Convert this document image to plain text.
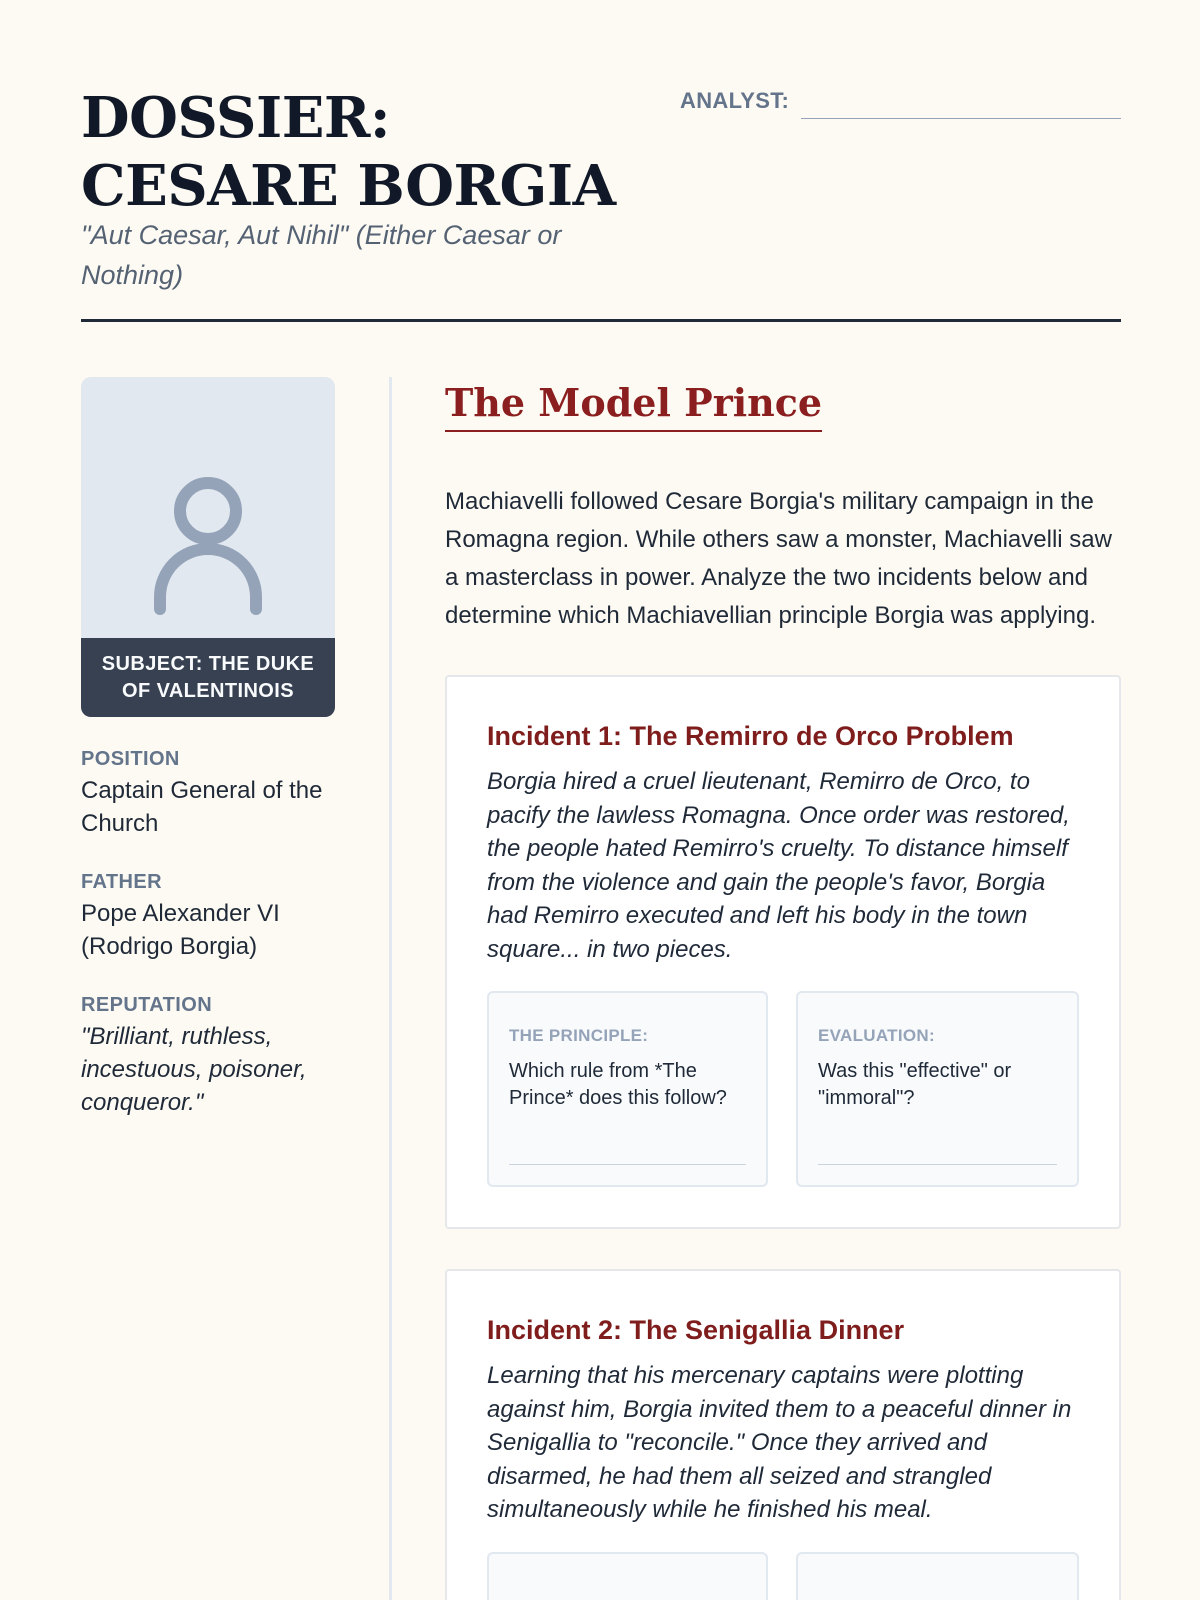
DOSSIER: CESARE BORGIA

"Aut Caesar, Aut Nihil" (Either Caesar or Nothing)

ANALYST:
SUBJECT: THE DUKE OF VALENTINOIS
POSITION
Captain General of the Church
FATHER
Pope Alexander VI (Rodrigo Borgia)
REPUTATION
"Brilliant, ruthless, incestuous, poisoner, conqueror."
The Model Prince

Machiavelli followed Cesare Borgia's military campaign in the Romagna region. While others saw a monster, Machiavelli saw a masterclass in power. Analyze the two incidents below and determine which Machiavellian principle Borgia was applying.

Incident 1: The Remirro de Orco Problem

Borgia hired a cruel lieutenant, Remirro de Orco, to pacify the lawless Romagna. Once order was restored, the people hated Remirro's cruelty. To distance himself from the violence and gain the people's favor, Borgia had Remirro executed and left his body in the town square... in two pieces.

THE PRINCIPLE:
Which rule from *The Prince* does this follow?
EVALUATION:
Was this "effective" or "immoral"?
Incident 2: The Senigallia Dinner

Learning that his mercenary captains were plotting against him, Borgia invited them to a peaceful dinner in Senigallia to "reconcile." Once they arrived and disarmed, he had them all seized and strangled simultaneously while he finished his meal.
